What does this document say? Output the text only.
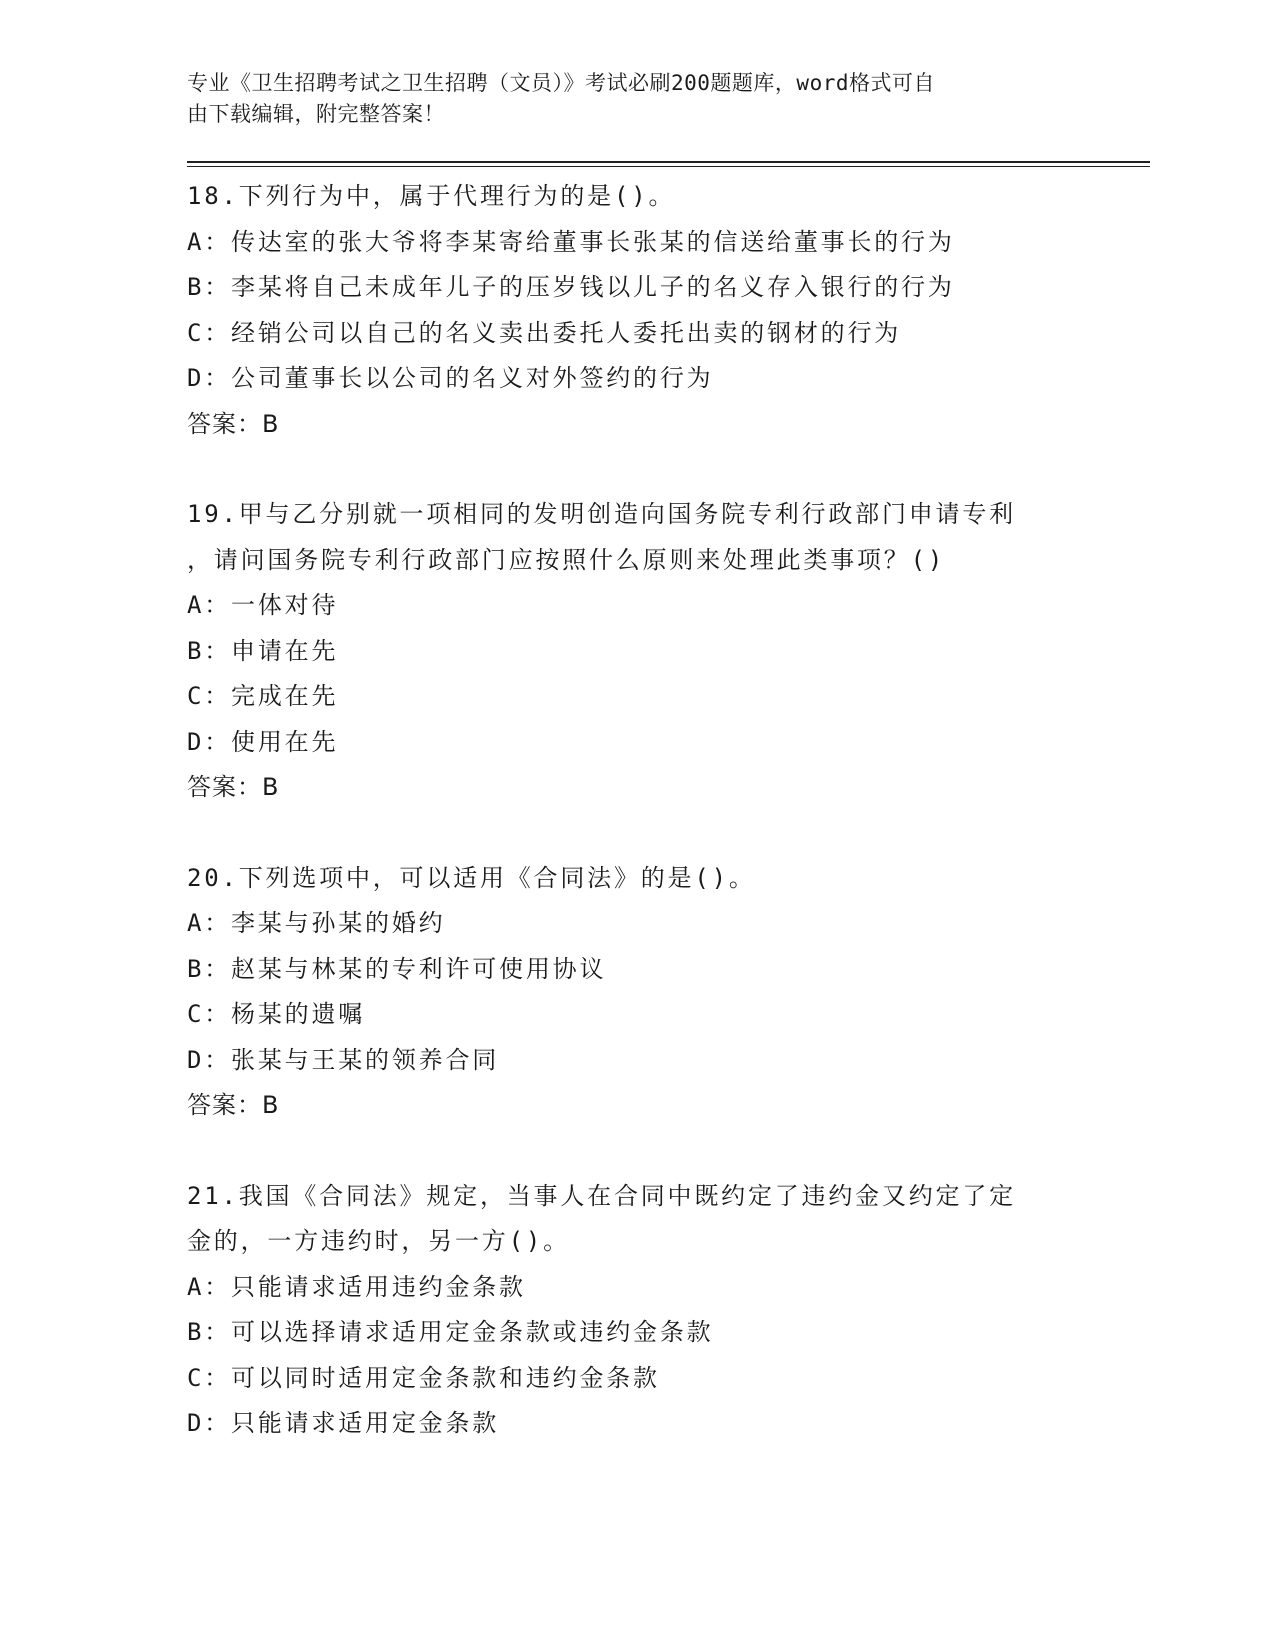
专业《卫生招聘考试之卫生招聘（文员）》考试必刷200题题库，word格式可自
由下载编辑，附完整答案！
18.下列行为中，属于代理行为的是()。
A：传达室的张大爷将李某寄给董事长张某的信送给董事长的行为
B：李某将自己未成年儿子的压岁钱以儿子的名义存入银行的行为
C：经销公司以自己的名义卖出委托人委托出卖的钢材的行为
D：公司董事长以公司的名义对外签约的行为
答案：B
19.甲与乙分别就一项相同的发明创造向国务院专利行政部门申请专利
，请问国务院专利行政部门应按照什么原则来处理此类事项？()
A：一体对待
B：申请在先
C：完成在先
D：使用在先
答案：B
20.下列选项中，可以适用《合同法》的是()。
A：李某与孙某的婚约
B：赵某与林某的专利许可使用协议
C：杨某的遗嘱
D：张某与王某的领养合同
答案：B
21.我国《合同法》规定，当事人在合同中既约定了违约金又约定了定
金的，一方违约时，另一方()。
A：只能请求适用违约金条款
B：可以选择请求适用定金条款或违约金条款
C：可以同时适用定金条款和违约金条款
D：只能请求适用定金条款
